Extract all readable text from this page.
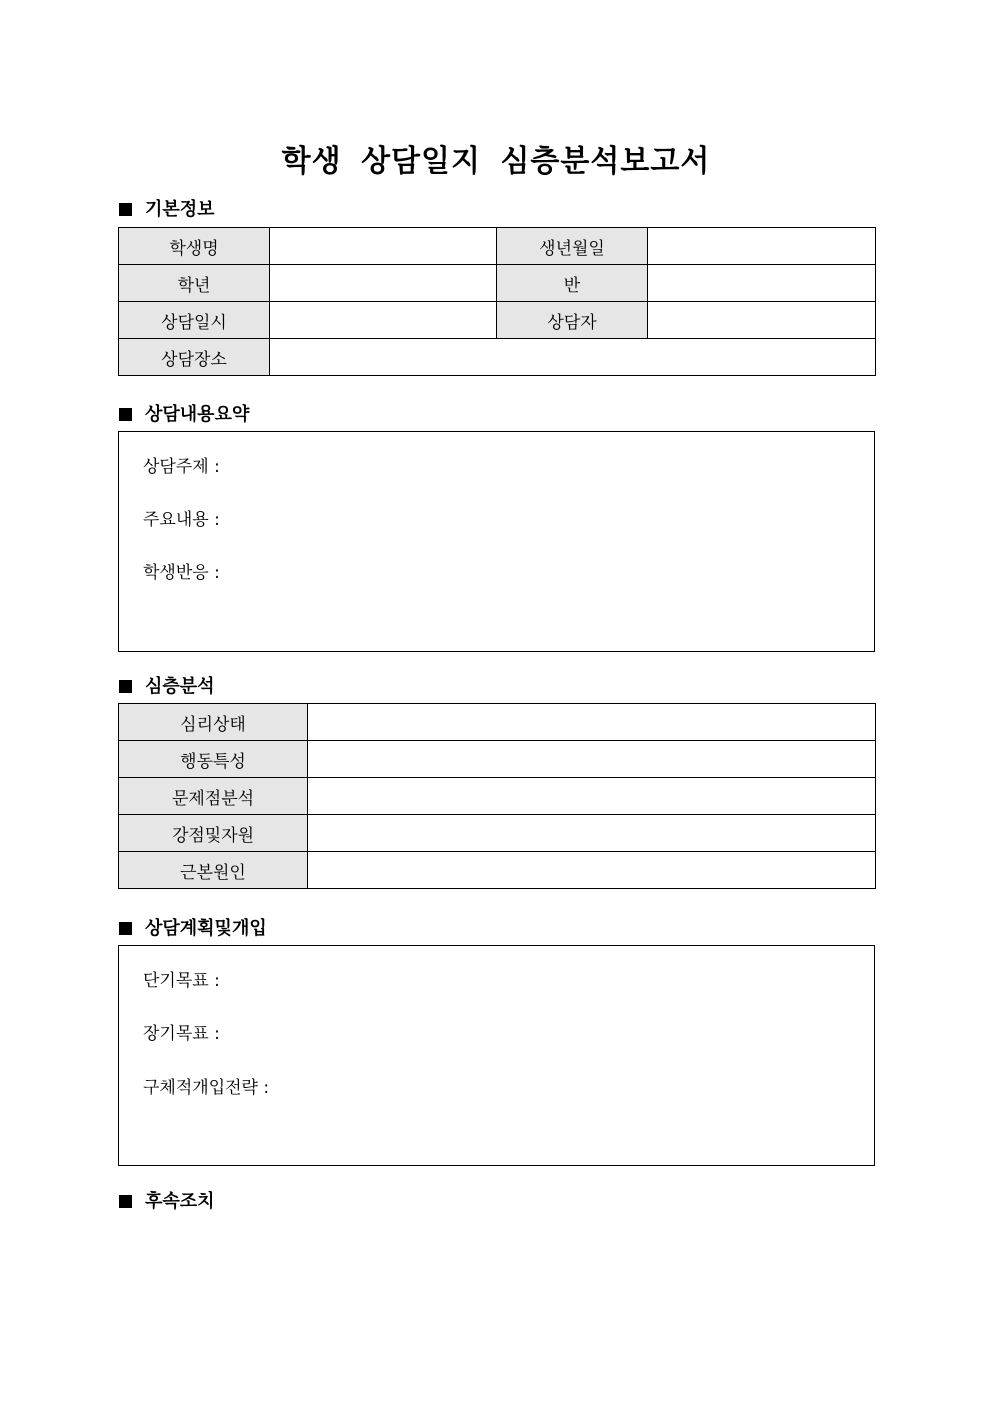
학생 상담일지 심층분석보고서
기본정보
학생명		생년월일	
학년		반	
상담일시		상담자	
상담장소			
상담내용요약
상담주제 :
주요내용 :
학생반응 :
심층분석
심리상태	
행동특성	
문제점분석	
강점및자원	
근본원인	
상담계획및개입
단기목표 :
장기목표 :
구체적개입전략 :
후속조치
